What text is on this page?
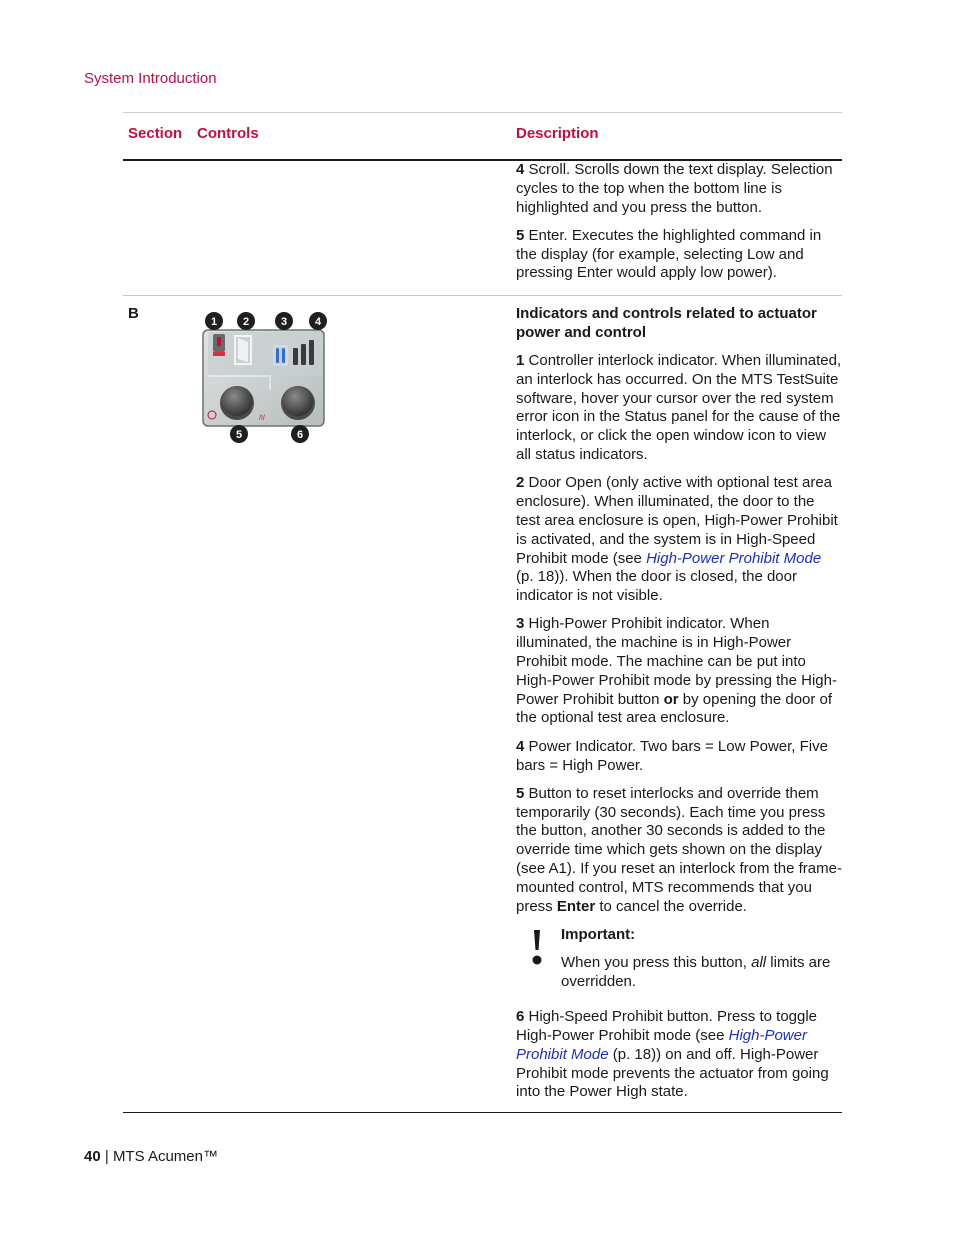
System Introduction
Section Controls	Description

4 Scroll. Scrolls down the text display. Selection cycles to the top when the bottom line is highlighted and you press the button.

5 Enter. Executes the highlighted command in the display (for example, selecting Low and pressing Enter would apply low power).

B
/!/
1 2	3	4
5	6

Indicators and controls related to actuator power and control

1 Controller interlock indicator. When illuminated, an interlock has occurred. On the MTS TestSuite software, hover your cursor over the red system error icon in the Status panel for the cause of the interlock, or click the open window icon to view all status indicators.

2 Door Open (only active with optional test area enclosure). When illuminated, the door to the test area enclosure is open, High-Power Prohibit is activated, and the system is in High-Speed Prohibit mode (see High-Power Prohibit Mode (p. 18)). When the door is closed, the door indicator is not visible.

3 High-Power Prohibit indicator. When illuminated, the machine is in High-Power Prohibit mode. The machine can be put into High-Power Prohibit mode by pressing the High-Power Prohibit button or by opening the door of the optional test area enclosure.

4 Power Indicator. Two bars = Low Power, Five bars = High Power.

5 Button to reset interlocks and override them temporarily (30 seconds). Each time you press the button, another 30 seconds is added to the override time which gets shown on the display (see A1). If you reset an interlock from the frame-mounted control, MTS recommends that you press Enter to cancel the override.

Important:
When you press this button, all limits are overridden.

6 High-Speed Prohibit button. Press to toggle High-Power Prohibit mode (see High-Power Prohibit Mode (p. 18)) on and off. High-Power Prohibit mode prevents the actuator from going into the Power High state.

40 | MTS Acumen™
